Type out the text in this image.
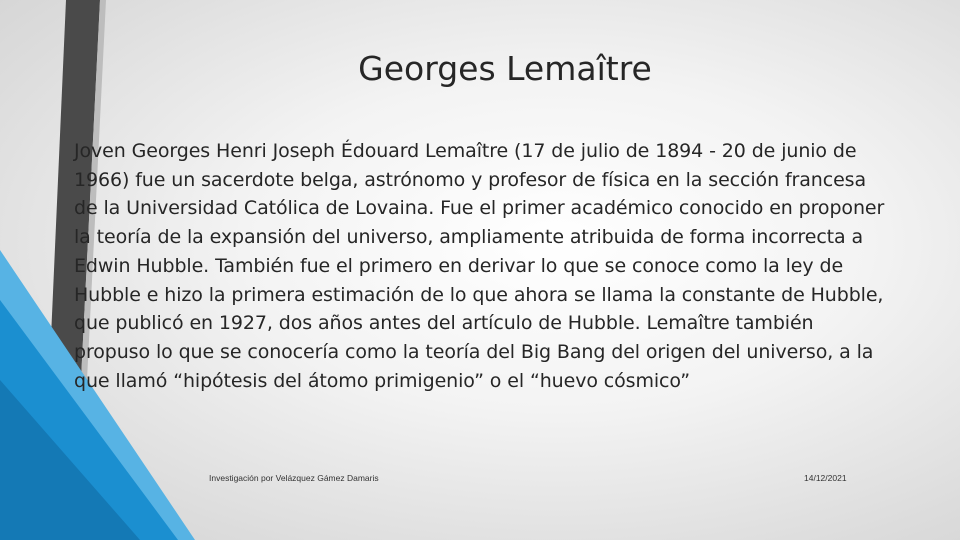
Georges Lemaître
Joven Georges Henri Joseph Édouard Lemaître (17 de julio de 1894 - 20 de junio de 1966) fue un sacerdote belga, astrónomo y profesor de física en la sección francesa de la Universidad Católica de Lovaina. Fue el primer académico conocido en proponer la teoría de la expansión del universo, ampliamente atribuida de forma incorrecta a Edwin Hubble. También fue el primero en derivar lo que se conoce como la ley de Hubble e hizo la primera estimación de lo que ahora se llama la constante de Hubble, que publicó en 1927, dos años antes del artículo de Hubble. Lemaître también propuso lo que se conocería como la teoría del Big Bang del origen del universo, a la que llamó “hipótesis del átomo primigenio” o el “huevo cósmico”
Investigación por Velázquez Gámez Damaris	14/12/2021
